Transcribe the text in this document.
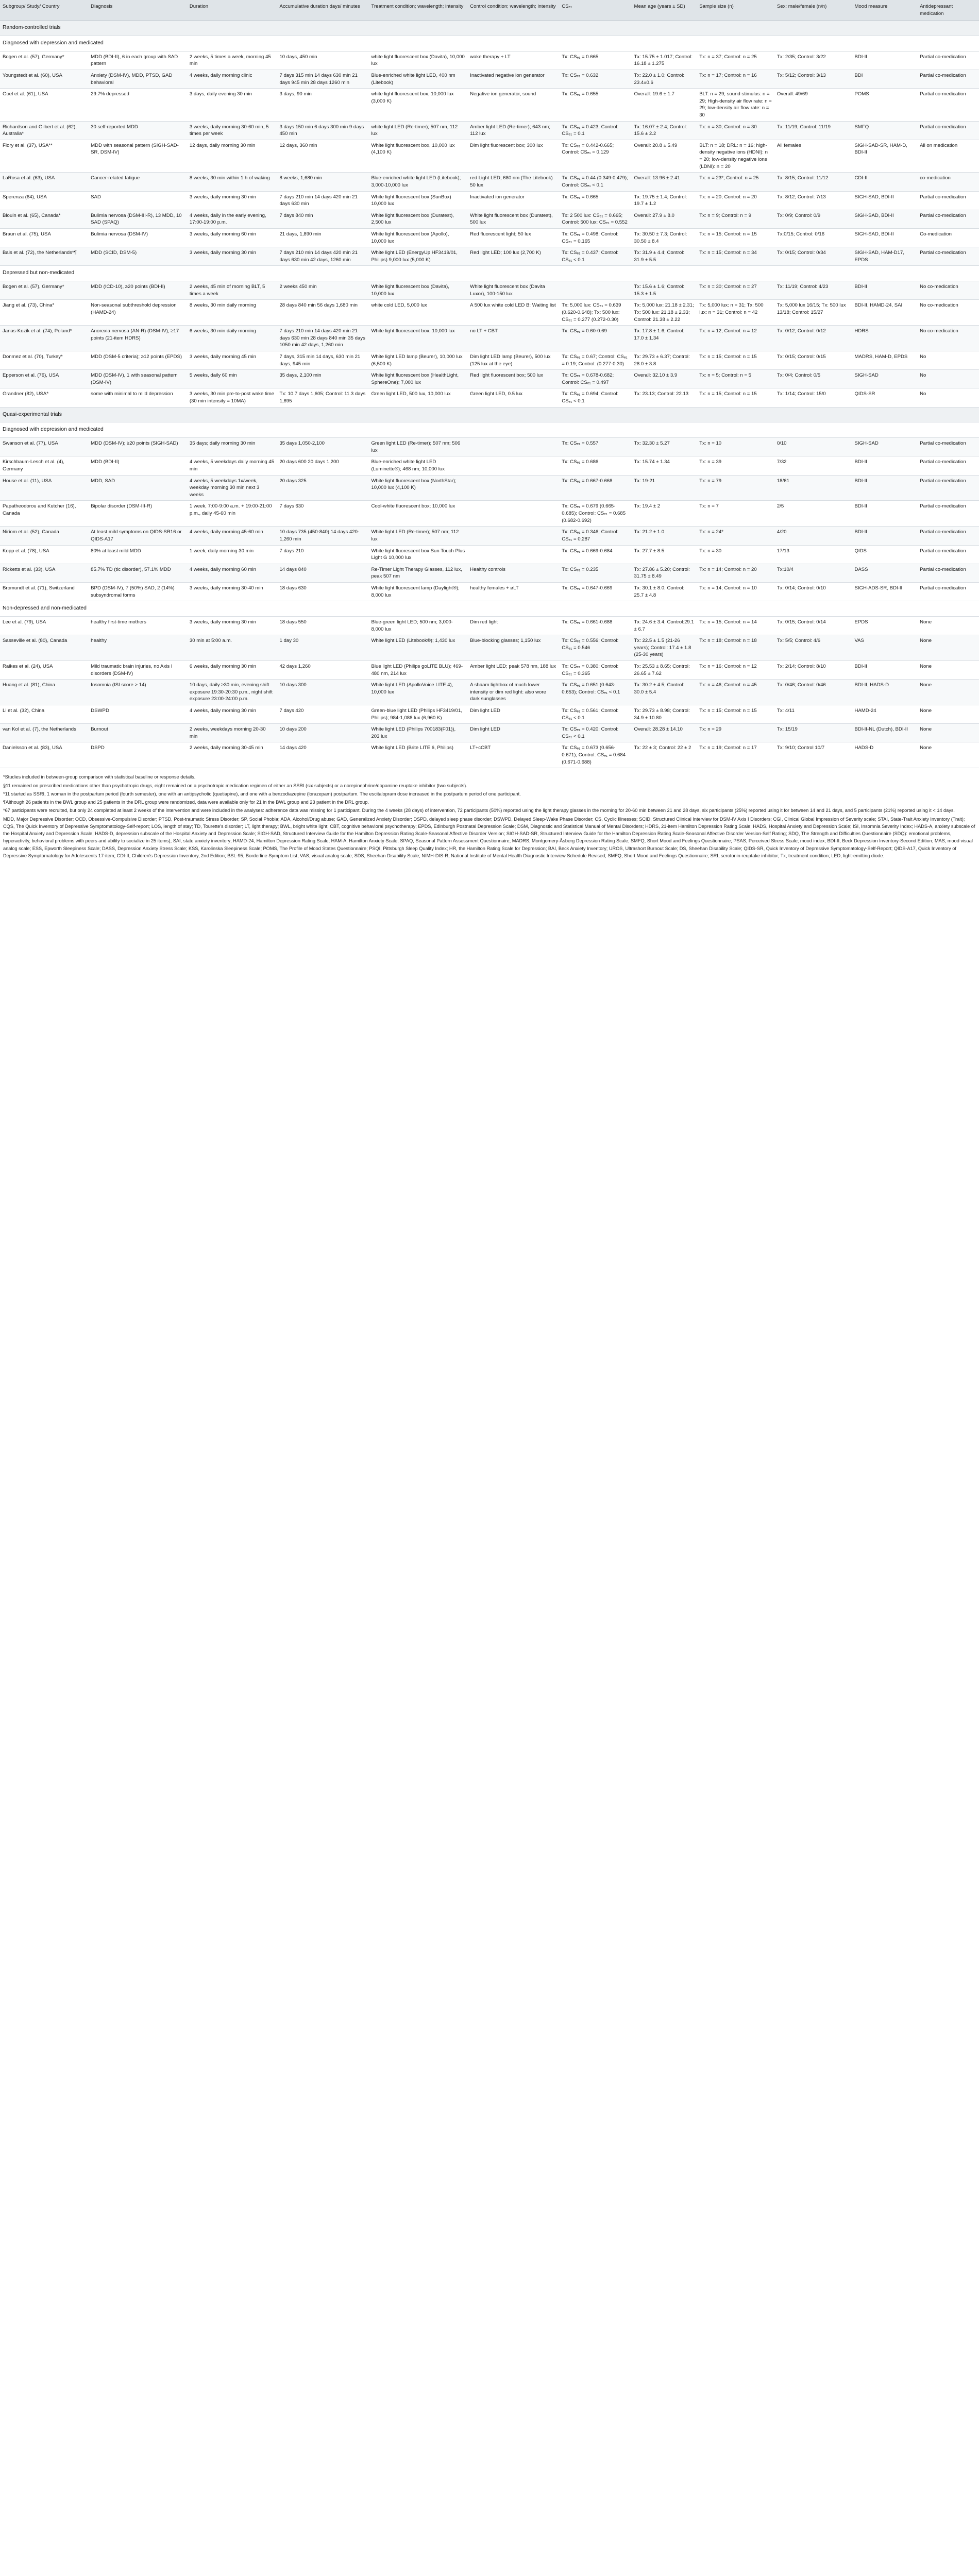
Subgroup/ Study/ Country	Diagnosis	Duration	Accumulative duration days/ minutes	Treatment condition; wavelength; intensity	Control condition; wavelength; intensity	CSₑ₁	Mean age (years ± SD)	Sample size (n)	Sex: male/female (n/n)	Mood measure	Antidepressant medication
Random-controlled trials											
Diagnosed with depression and medicated											
Bogen et al. (57), Germany*	MDD (BDI-II), 6 in each group with SAD pattern	2 weeks, 5 times a week, morning 45 min	10 days, 450 min	white light fluorescent box (Davita), 10,000 lux	wake therapy + LT	Tx: CSₑ₁ = 0.665	Tx: 15.75 ± 1.017; Control: 16.18 ± 1.275	Tx: n = 37; Control: n = 25	Tx: 2/35; Control: 3/22	BDI-II	Partial co-medication
Youngstedt et al. (60), USA	Anxiety (DSM-IV), MDD, PTSD, GAD behavioral	4 weeks, daily morning clinic	7 days 315 min 14 days 630 min 21 days 945 min 28 days 1260 min	Blue-enriched white light LED, 400 nm (Litebook)	Inactivated negative ion generator	Tx: CSₑ₁ = 0.632	Tx: 22.0 ± 1.0; Control: 23.4±0.6	Tx: n = 17; Control: n = 16	Tx: 5/12; Control: 3/13	BDI	Partial co-medication
Goel et al. (61), USA	29.7% depressed	3 days, daily evening 30 min	3 days, 90 min	white light fluorescent box, 10,000 lux (3,000 K)	Negative ion generator, sound	Tx: CSₑ₁ = 0.655	Overall: 19.6 ± 1.7	BLT: n = 29; sound stimulus: n = 29; High-density air flow rate: n = 29; low-density air flow rate: n = 30	Overall: 49/69	POMS	Partial co-medication
Richardson and Gilbert et al. (62), Australia*	30 self-reported MDD	3 weeks, daily morning 30-60 min, 5 times per week	3 days 150 min 6 days 300 min 9 days 450 min	white light LED (Re-timer); 507 nm, 112 lux	Amber light LED (Re-timer); 643 nm; 112 lux	Tx: CSₑ₁ = 0.423; Control: CSₑ₁ = 0.1	Tx: 16.07 ± 2.4; Control: 15.6 ± 2.2	Tx: n = 30; Control: n = 30	Tx: 11/19; Control: 11/19	SMFQ	Partial co-medication
Flory et al. (37), USA**	MDD with seasonal pattern (SIGH-SAD-SR, DSM-IV)	12 days, daily morning 30 min	12 days, 360 min	White light fluorescent box, 10,000 lux (4,100 K)	Dim light fluorescent box; 300 lux	Tx: CSₑ₁ = 0.442-0.665; Control: CSₑ₁ = 0.129	Overall: 20.8 ± 5.49	BLT: n = 18; DRL: n = 16; high-density negative ions (HDNI): n = 20; low-density negative ions (LDNI): n = 20	All females	SIGH-SAD-SR, HAM-D, BDI-II	All on medication
LaRosa et al. (63), USA	Cancer-related fatigue	8 weeks, 30 min within 1 h of waking	8 weeks, 1,680 min	Blue-enriched white light LED (Litebook); 3,000-10,000 lux	red Light LED; 680 nm (The Litebook) 50 lux	Tx: CSₑ₁ = 0.44 (0.349-0.479); Control: CSₑ₁ < 0.1	Overall: 13.96 ± 2.41	Tx: n = 23*; Control: n = 25	Tx: 8/15; Control: 11/12	CDI-II	co-medication
Sperenza (64), USA	SAD	3 weeks, daily morning 30 min	7 days 210 min 14 days 420 min 21 days 630 min	White light fluorescent box (SunBox) 10,000 lux	Inactivated ion generator	Tx: CSₑ₁ = 0.665	Tx: 19.75 ± 1.4; Control: 19.7 ± 1.2	Tx: n = 20; Control: n = 20	Tx: 8/12; Control: 7/13	SIGH-SAD, BDI-II	Partial co-medication
Blouin et al. (65), Canada*	Bulimia nervosa (DSM-III-R), 13 MDD, 10 SAD (SPAQ)	4 weeks, daily in the early evening, 17:00-19:00 p.m.	7 days 840 min	White light fluorescent box (Duratest), 2,500 lux	White light fluorescent box (Duratest), 500 lux	Tx: 2 500 lux: CSₑ₁ = 0.665; Control: 500 lux: CSₑ₁ = 0.552	Overall: 27.9 ± 8.0	Tx: n = 9; Control: n = 9	Tx: 0/9; Control: 0/9	SIGH-SAD, BDI-II	Partial co-medication
Braun et al. (75), USA	Bulimia nervosa (DSM-IV)	3 weeks, daily morning 60 min	21 days, 1,890 min	White light fluorescent box (Apollo), 10,000 lux	Red fluorescent light; 50 lux	Tx: CSₑ₁ = 0.498; Control: CSₑ₁ = 0.165	Tx: 30.50 ± 7.3; Control: 30.50 ± 8.4	Tx: n = 15; Control: n = 15	Tx:0/15; Control: 0/16	SIGH-SAD, BDI-II	Co-medication
Bais et al. (72), the Netherlands*¶	MDD (SCID, DSM-5)	3 weeks, daily morning 30 min	7 days 210 min 14 days 420 min 21 days 630 min 42 days, 1260 min	White light LED (EnergyUp HF3419/01, Philips) 9,000 lux (5,000 K)	Red light LED; 100 lux (2,700 K)	Tx: CSₑ₁ = 0.437; Control: CSₑ₁ < 0.1	Tx: 31.9 ± 4.4; Control: 31.9 ± 5.5	Tx: n = 15; Control: n = 34	Tx: 0/15; Control: 0/34	SIGH-SAD, HAM-D17, EPDS	Partial co-medication
Depressed but non-medicated											
Bogen et al. (57), Germany*	MDD (ICD-10), ≥20 points (BDI-II)	2 weeks, 45 min of morning BLT, 5 times a week	2 weeks 450 min	White light fluorescent box (Davita), 10,000 lux	White light fluorescent box (Davita Luxor), 100-150 lux		Tx: 15.6 ± 1.6; Control: 15.3 ± 1.5	Tx: n = 30; Control: n = 27	Tx: 11/19; Control: 4/23	BDI-II	No co-medication
Jiang et al. (73), China*	Non-seasonal subthreshold depression (HAMD-24)	8 weeks, 30 min daily morning	28 days 840 min 56 days 1,680 min	white cold LED, 5,000 lux	A 500 lux white cold LED B: Waiting list	Tx: 5,000 lux: CSₑ₁ = 0.639 (0.620-0.648); Tx: 500 lux: CSₑ₁ = 0.277 (0.272-0.30)	Tx: 5,000 lux: 21.18 ± 2.31; Tx: 500 lux: 21.18 ± 2.33; Control: 21.38 ± 2.22	Tx: 5,000 lux: n = 31; Tx: 500 lux: n = 31; Control: n = 42	Tx: 5,000 lux 16/15; Tx: 500 lux 13/18; Control: 15/27	BDI-II, HAMD-24, SAI	No co-medication
Janas-Kozik et al. (74), Poland*	Anorexia nervosa (AN-R) (DSM-IV), ≥17 points (21-item HDRS)	6 weeks, 30 min daily morning	7 days 210 min 14 days 420 min 21 days 630 min 28 days 840 min 35 days 1050 min 42 days, 1,260 min	White light fluorescent box; 10,000 lux	no LT + CBT	Tx: CSₑ₁ = 0.60-0.69	Tx: 17.8 ± 1.6; Control: 17.0 ± 1.34	Tx: n = 12; Control: n = 12	Tx: 0/12; Control: 0/12	HDRS	No co-medication
Donmez et al. (70), Turkey*	MDD (DSM-5 criteria); ≥12 points (EPDS)	3 weeks, daily morning 45 min	7 days, 315 min 14 days, 630 min 21 days, 945 min	White light LED lamp (Beurer), 10,000 lux (6,500 K)	Dim light LED lamp (Beurer), 500 lux (125 lux at the eye)	Tx: CSₑ₁ = 0.67; Control: CSₑ₁ = 0.19; Control: (0.277-0.30)	Tx: 29.73 ± 6.37; Control: 28.0 ± 3.8	Tx: n = 15; Control: n = 15	Tx: 0/15; Control: 0/15	MADRS, HAM-D, EPDS	No
Epperson et al. (76), USA	MDD (DSM-IV), 1 with seasonal pattern (DSM-IV)	5 weeks, daily 60 min	35 days, 2,100 min	White light fluorescent box (HealthLight, SphereOne); 7,000 lux	Red light fluorescent box; 500 lux	Tx: CSₑ₁ = 0.678-0.682; Control: CSₑ₁ = 0.497	Overall: 32.10 ± 3.9	Tx: n = 5; Control: n = 5	Tx: 0/4; Control: 0/5	SIGH-SAD	No
Grandner (82), USA*	some with minimal to mild depression	3 weeks, 30 min pre-to-post wake time (30 min intensity = 10MA)	Tx: 10.7 days 1,605; Control: 11.3 days 1,695	Green light LED, 500 lux, 10,000 lux	Green light LED, 0.5 lux	Tx: CSₑ₁ = 0.694; Control: CSₑ₁ < 0.1	Tx: 23.13; Control: 22.13	Tx: n = 15; Control: n = 15	Tx: 1/14; Control: 15/0	QIDS-SR	No
Quasi-experimental trials											
Diagnosed with depression and medicated											
Swanson et al. (77), USA	MDD (DSM-IV); ≥20 points (SIGH-SAD)	35 days; daily morning 30 min	35 days 1,050-2,100	Green light LED (Re-timer); 507 nm; 506 lux		Tx: CSₑ₁ = 0.557	Tx: 32.30 ± 5.27	Tx: n = 10	0/10	SIGH-SAD	Partial co-medication
Kirschbaum-Lesch et al. (4), Germany	MDD (BDI-II)	4 weeks, 5 weekdays daily morning 45 min	20 days 600 20 days 1,200	Blue-enriched white light LED (Luminette®); 468 nm; 10,000 lux		Tx: CSₑ₁ = 0.686	Tx: 15.74 ± 1.34	Tx: n = 39	7/32	BDI-II	Partial co-medication
House et al. (11), USA	MDD, SAD	4 weeks, 5 weekdays 1x/week, weekday morning 30 min next 3 weeks	20 days 325	White light fluorescent box (NorthStar); 10,000 lux (4,100 K)		Tx: CSₑ₁ = 0.667-0.668	Tx: 19-21	Tx: n = 79	18/61	BDI-II	Partial co-medication
Papatheodorou and Kutcher (16), Canada	Bipolar disorder (DSM-III-R)	1 week, 7:00-9:00 a.m. + 19:00-21:00 p.m., daily 45-60 min	7 days 630	Cool-white fluorescent box; 10,000 lux		Tx: CSₑ₁ = 0.679 (0.665-0.685); Control: CSₑ₁ = 0.685 (0.682-0.692)	Tx: 19.4 ± 2	Tx: n = 7	2/5	BDI-II	Partial co-medication
Niriom et al. (52), Canada	At least mild symptoms on QIDS-SR16 or QIDS-A17	4 weeks, daily morning 45-60 min	10 days 735 (450-840) 14 days 420-1,260 min	White light LED (Re-timer); 507 nm; 112 lux		Tx: CSₑ₁ = 0.346; Control: CSₑ₁ = 0.287	Tx: 21.2 ± 1.0	Tx: n = 24*	4/20	BDI-II	Partial co-medication
Kopp et al. (78), USA	80% at least mild MDD	1 week, daily morning 30 min	7 days 210	White light fluorescent box Sun Touch Plus Light G 10,000 lux		Tx: CSₑ₁ = 0.669-0.684	Tx: 27.7 ± 8.5	Tx: n = 30	17/13	QIDS	Partial co-medication
Ricketts et al. (33), USA	85.7% TD (tic disorder), 57.1% MDD	4 weeks, daily morning 60 min	14 days 840	Re-Timer Light Therapy Glasses, 112 lux, peak 507 nm	Healthy controls	Tx: CSₑ₁ = 0.235	Tx: 27.86 ± 5.20; Control: 31.75 ± 8.49	Tx: n = 14; Control: n = 20	Tx:10/4	DASS	Partial co-medication
Bromundt et al. (71), Switzerland	BPD (DSM-IV), 7 (50%) SAD, 2 (14%) subsyndromal forms	3 weeks, daily morning 30-40 min	18 days 630	White light fluorescent lamp (Daylight®); 8,000 lux	healthy females + øLT	Tx: CSₑ₁ = 0.647-0.669	Tx: 30.1 ± 8.0; Control: 25.7 ± 4.8	Tx: n = 14; Control: n = 10	Tx: 0/14; Control: 0/10	SIGH-ADS-SR, BDI-II	Partial co-medication
Non-depressed and non-medicated											
Lee et al. (79), USA	healthy first-time mothers	3 weeks, daily morning 30 min	18 days 550	Blue-green light LED; 500 nm; 3,000-8,000 lux	Dim red light	Tx: CSₑ₁ = 0.661-0.688	Tx: 24.6 ± 3.4; Control:29.1 ± 6.7	Tx: n = 15; Control: n = 14	Tx: 0/15; Control: 0/14	EPDS	None
Sasseville et al. (80), Canada	healthy	30 min at 5:00 a.m.	1 day 30	White light LED (Litebook®); 1,430 lux	Blue-blocking glasses; 1,150 lux	Tx: CSₑ₁ = 0.556; Control: CSₑ₁ = 0.546	Tx: 22.5 ± 1.5 (21-26 years); Control: 17.4 ± 1.8 (25-30 years)	Tx: n = 18; Control: n = 18	Tx: 5/5; Control: 4/6	VAS	None
Raikes et al. (24), USA	Mild traumatic brain injuries, no Axis I disorders (DSM-IV)	6 weeks, daily morning 30 min	42 days 1,260	Blue light LED (Philips goLITE BLU); 469-480 nm, 214 lux	Amber light LED; peak 578 nm, 188 lux	Tx: CSₑ₁ = 0.380; Control: CSₑ₁ = 0.365	Tx: 25.53 ± 8.65; Control: 26.65 ± 7.62	Tx: n = 16; Control: n = 12	Tx: 2/14; Control: 8/10	BDI-II	None
Huang et al. (81), China	Insomnia (ISI score > 14)	10 days, daily ≥30 min, evening shift exposure 19:30-20:30 p.m., night shift exposure 23:00-24:00 p.m.	10 days 300	White light LED (ApolloVoice LITE 4), 10,000 lux	A shaam lightbox of much lower intensity or dim red light: also wore dark sunglasses	Tx: CSₑ₁ = 0.651 (0.643-0.653); Control: CSₑ₁ < 0.1	Tx: 30.2 ± 4.5; Control: 30.0 ± 5.4	Tx: n = 46; Control: n = 45	Tx: 0/46; Control: 0/46	BDI-II, HADS-D	None
Li et al. (32), China	DSWPD	4 weeks, daily morning 30 min	7 days 420	Green-blue light LED (Philips HF3419/01, Philips); 984-1,088 lux (6,960 K)	Dim light LED	Tx: CSₑ₁ = 0.561; Control: CSₑ₁ < 0.1	Tx: 29.73 ± 8.98; Control: 34.9 ± 10.80	Tx: n = 15; Control: n = 15	Tx: 4/11	HAMD-24	None
van Kol et al. (7), the Netherlands	Burnout	2 weeks, weekdays morning 20-30 min	10 days 200	White light LED (Philips 700183(F01)), 203 lux	Dim light LED	Tx: CSₑ₁ = 0.420; Control: CSₑ₁ < 0.1	Overall: 28.28 ± 14.10	Tx: n = 29	Tx: 15/19	BDI-II-NL (Dutch), BDI-II	None
Danielsson et al. (83), USA	DSPD	2 weeks, daily morning 30-45 min	14 days 420	White light LED (Brite LITE 6, Philips)	LT+cCBT	Tx: CSₑ₁ = 0.673 (0.656-0.671); Control: CSₑ₁ = 0.684 (0.671-0.688)	Tx: 22 ± 3; Control: 22 ± 2	Tx: n = 19; Control: n = 17	Tx: 9/10; Control 10/7	HADS-D	None

*Studies included in between-group comparison with statistical baseline or response details.

§11 remained on prescribed medications other than psychotropic drugs, eight remained on a psychotropic medication regimen of either an SSRI (six subjects) or a norepinephrine/dopamine reuptake inhibitor (two subjects).

*11 started as SSRI, 1 woman in the postpartum period (fourth semester), one with an antipsychotic (quetiapine), and one with a benzodiazepine (lorazepam) postpartum. The escitalopram dose increased in the postpartum period of one participant.

¶Although 26 patients in the BWL group and 25 patients in the DRL group were randomized, data were available only for 21 in the BWL group and 23 patient in the DRL group.

*67 participants were recruited, but only 24 completed at least 2 weeks of the intervention and were included in the analyses: adherence data was missing for 1 participant. During the 4 weeks (28 days) of intervention, 72 participants (50%) reported using the light therapy glasses in the morning for 20-60 min between 21 and 28 days, six participants (25%) reported using it for between 14 and 21 days, and 5 participants (21%) reported using it < 14 days.

MDD, Major Depressive Disorder; OCD, Obsessive-Compulsive Disorder; PTSD, Post-traumatic Stress Disorder; SP, Social Phobia; ADA, Alcohol/Drug abuse; GAD, Generalized Anxiety Disorder; DSPD, delayed sleep phase disorder; DSWPD, Delayed Sleep-Wake Phase Disorder; CS, Cyclic Illnesses; SCID, Structured Clinical Interview for DSM-IV Axis I Disorders; CGI, Clinical Global Impression of Severity scale; STAI, State-Trait Anxiety Inventory (Trait); CQS, The Quick Inventory of Depressive Symptomatology-Self-report; LOS, length of stay; TD, Tourette's disorder; LT, light therapy; BWL, bright white light; CBT, cognitive behavioral psychotherapy; EPDS, Edinburgh Postnatal Depression Scale; DSM, Diagnostic and Statistical Manual of Mental Disorders; HDRS, 21-item Hamilton Depression Rating Scale; HADS, Hospital Anxiety and Depression Scale; ISI, Insomnia Severity Index; HADS-A, anxiety subscale of the Hospital Anxiety and Depression Scale; HADS-D, depression subscale of the Hospital Anxiety and Depression Scale; SIGH-SAD, Structured Interview Guide for the Hamilton Depression Rating Scale-Seasonal Affective Disorder Version; SIGH-SAD-SR, Structured Interview Guide for the Hamilton Depression Rating Scale-Seasonal Affective Disorder Version-Self Rating; SDQ, The Strength and Difficulties Questionnaire (SDQ): emotional problems, hyperactivity, behavioral problems with peers and ability to socialize in 25 items); SAI, state anxiety inventory; HAMD-24, Hamilton Depression Rating Scale; HAM-A, Hamilton Anxiety Scale; SPAQ, Seasonal Pattern Assessment Questionnaire; MADRS, Montgomery-Åsberg Depression Rating Scale; SMFQ, Short Mood and Feelings Questionnaire; PSAS, Perceived Stress Scale; mood index; BDI-II, Beck Depression Inventory-Second Edition; MAS, mood visual analog scale; ESS, Epworth Sleepiness Scale; DASS, Depression Anxiety Stress Scale; KSS, Karolinska Sleepiness Scale; POMS, The Profile of Mood States Questionnaire; PSQI, Pittsburgh Sleep Quality Index; HR, the Hamilton Rating Scale for Depression; BAI, Beck Anxiety Inventory; UROS, Ultrashort Burnout Scale; DS, Sheehan Disability Scale; QIDS-SR, Quick Inventory of Depressive Symptomatology-Self-Report; QIDS-A17, Quick Inventory of Depressive Symptomatology for Adolescents 17-item; CDI-II, Children's Depression Inventory, 2nd Edition; BSL-95, Borderline Symptom List; VAS, visual analog scale; SDS, Sheehan Disability Scale; NIMH-DIS-R, National Institute of Mental Health Diagnostic Interview Schedule Revised; SMFQ, Short Mood and Feelings Questionnaire; SRI, serotonin reuptake inhibitor; Tx, treatment condition; LED, light-emitting diode.
